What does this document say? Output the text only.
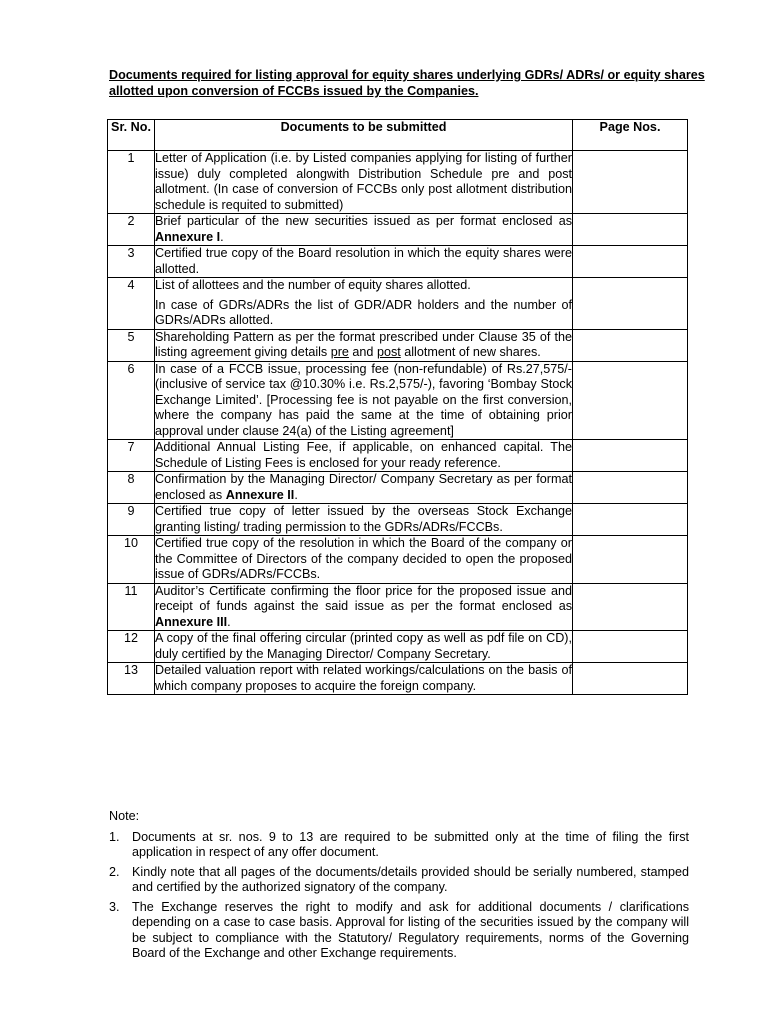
Documents required for listing approval for equity shares underlying GDRs/ ADRs/ or equity shares allotted upon conversion of FCCBs issued by the Companies.
Sr. No.	Documents to be submitted	Page Nos.
1	Letter of Application (i.e. by Listed companies applying for listing of further issue) duly completed alongwith Distribution Schedule pre and post allotment. (In case of conversion of FCCBs only post allotment distribution schedule is requited to submitted)	
2	Brief particular of the new securities issued as per format enclosed as Annexure I.	
3	Certified true copy of the Board resolution in which the equity shares were allotted.	
4	List of allottees and the number of equity shares allotted.
In case of GDRs/ADRs the list of GDR/ADR holders and the number of GDRs/ADRs allotted.	
5	Shareholding Pattern as per the format prescribed under Clause 35 of the listing agreement giving details pre and post allotment of new shares.	
6	In case of a FCCB issue, processing fee (non-refundable) of Rs.27,575/- (inclusive of service tax @10.30% i.e. Rs.2,575/-), favoring ‘Bombay Stock Exchange Limited’. [Processing fee is not payable on the first conversion, where the company has paid the same at the time of obtaining prior approval under clause 24(a) of the Listing agreement]	
7	Additional Annual Listing Fee, if applicable, on enhanced capital. The Schedule of Listing Fees is enclosed for your ready reference.	
8	Confirmation by the Managing Director/ Company Secretary as per format enclosed as Annexure II.	
9	Certified true copy of letter issued by the overseas Stock Exchange granting listing/ trading permission to the GDRs/ADRs/FCCBs.	
10	Certified true copy of the resolution in which the Board of the company or the Committee of Directors of the company decided to open the proposed issue of GDRs/ADRs/FCCBs.	
11	Auditor’s Certificate confirming the floor price for the proposed issue and receipt of funds against the said issue as per the format enclosed as Annexure III.	
12	A copy of the final offering circular (printed copy as well as pdf file on CD), duly certified by the Managing Director/ Company Secretary.	
13	Detailed valuation report with related workings/calculations on the basis of which company proposes to acquire the foreign company.	
Note:
1. Documents at sr. nos. 9 to 13 are required to be submitted only at the time of filing the first application in respect of any offer document.
2. Kindly note that all pages of the documents/details provided should be serially numbered, stamped and certified by the authorized signatory of the company.
3. The Exchange reserves the right to modify and ask for additional documents / clarifications depending on a case to case basis. Approval for listing of the securities issued by the company will be subject to compliance with the Statutory/ Regulatory requirements, norms of the Governing Board of the Exchange and other Exchange requirements.
